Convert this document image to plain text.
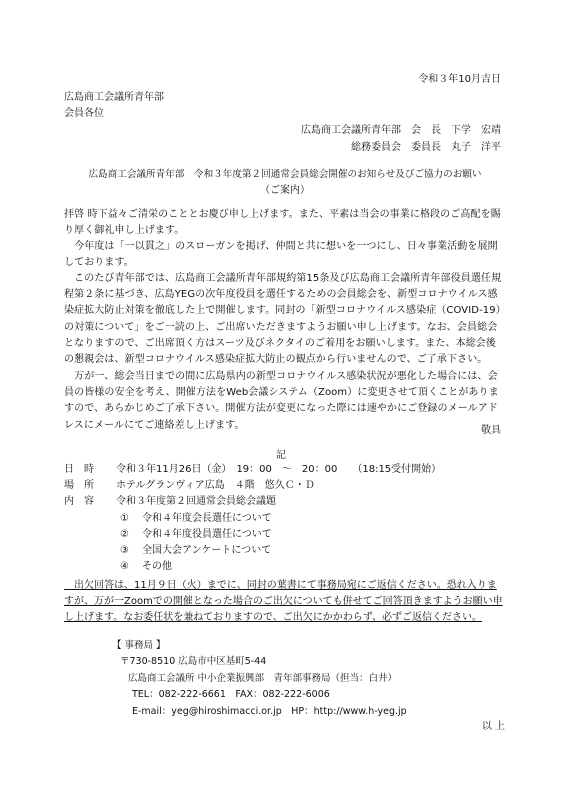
令和３年10月吉日
広島商工会議所青年部
会員各位
広島商工会議所青年部　会　長　下学　宏靖
総務委員会　委員長　丸子　洋平
広島商工会議所青年部　令和３年度第２回通常会員総会開催のお知らせ及びご協力のお願い
（ご案内）

拝啓 時下益々ご清栄のこととお慶び申し上げます。また、平素は当会の事業に格段のご高配を賜り厚く御礼申し上げます。

　今年度は「一以貫之」のスローガンを掲げ、仲間と共に想いを一つにし、日々事業活動を展開しております。

　このたび青年部では、広島商工会議所青年部規約第15条及び広島商工会議所青年部役員選任規程第２条に基づき、広島YEGの次年度役員を選任するための会員総会を、新型コロナウイルス感染症拡大防止対策を徹底した上で開催します。同封の「新型コロナウイルス感染症（COVID-19）の対策について」をご一読の上、ご出席いただきますようお願い申し上げます。なお、会員総会となりますので、ご出席頂く方はスーツ及びネクタイのご着用をお願いします。また、本総会後の懇親会は、新型コロナウイルス感染症拡大防止の観点から行いませんので、ご了承下さい。

　万が一、総会当日までの間に広島県内の新型コロナウイルス感染状況が悪化した場合には、会員の皆様の安全を考え、開催方法をWeb会議システム（Zoom）に変更させて頂くことがありますので、あらかじめご了承下さい。開催方法が変更になった際には速やかにご登録のメールアドレスにメールにてご連絡差し上げます。	敬具
記
日　時 令和３年11月26日（金）　19：00　～　20：00　　（18:15受付開始）
場　所 ホテルグランヴィア広島　４階　悠久Ｃ・Ｄ
内　容 令和３年度第２回通常会員総会議題
① 令和４年度会長選任について
② 令和４年度役員選任について
③ 全国大会アンケートについて
④ その他
　出欠回答は、11月９日（火）までに、同封の葉書にて事務局宛にご返信ください。恐れ入りますが、万が一Zoomでの開催となった場合のご出欠についても併せてご回答頂きますようお願い申し上げます。なお委任状を兼ねておりますので、ご出欠にかかわらず、必ずご返信ください。
【 事務局 】
〒730-8510 広島市中区基町5-44
広島商工会議所 中小企業振興部　青年部事務局（担当：白井）
TEL：082-222-6661　FAX：082-222-6006
E-mail：yeg@hiroshimacci.or.jp　HP：http://www.h-yeg.jp
以 上
